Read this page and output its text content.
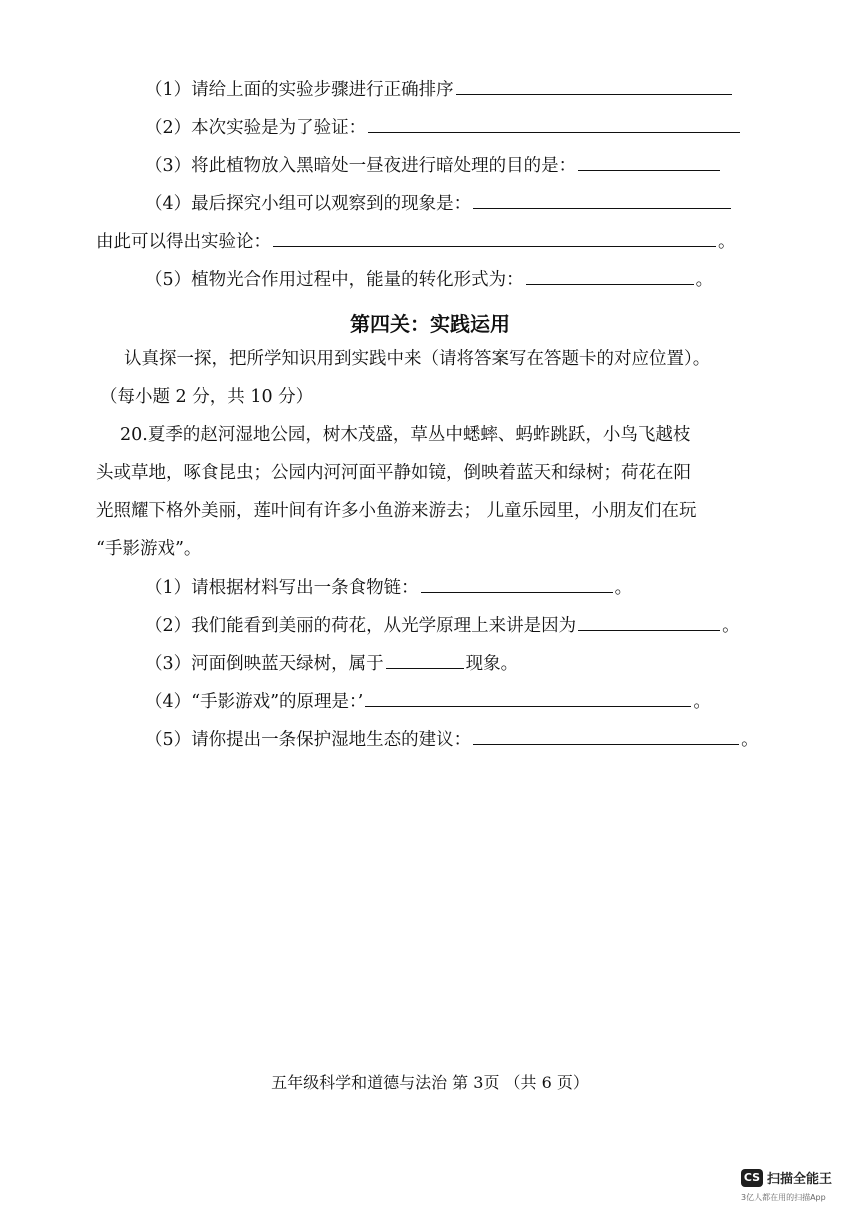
（1）请给上面的实验步骤进行正确排序
（2）本次实验是为了验证：
（3）将此植物放入黑暗处一昼夜进行暗处理的目的是：
（4）最后探究小组可以观察到的现象是：
由此可以得出实验论：	。
（5）植物光合作用过程中，能量的转化形式为：	。
第四关：实践运用
认真探一探，把所学知识用到实践中来（请将答案写在答题卡的对应位置）。
（每小题 2 分，共 10 分）
20.夏季的赵河湿地公园，树木茂盛，草丛中蟋蟀、蚂蚱跳跃，小鸟飞越枝
头或草地，啄食昆虫；公园内河河面平静如镜，倒映着蓝天和绿树；荷花在阳
光照耀下格外美丽，莲叶间有许多小鱼游来游去； 儿童乐园里，小朋友们在玩
“手影游戏”。
（1）请根据材料写出一条食物链：	。
（2）我们能看到美丽的荷花，从光学原理上来讲是因为	。
（3）河面倒映蓝天绿树，属于	现象。
（4）“手影游戏”的原理是：’	。
（5）请你提出一条保护湿地生态的建议：	。
五年级科学和道德与法治 第 3页 （共 6 页）
CS 扫描全能王
3亿人都在用的扫描App
